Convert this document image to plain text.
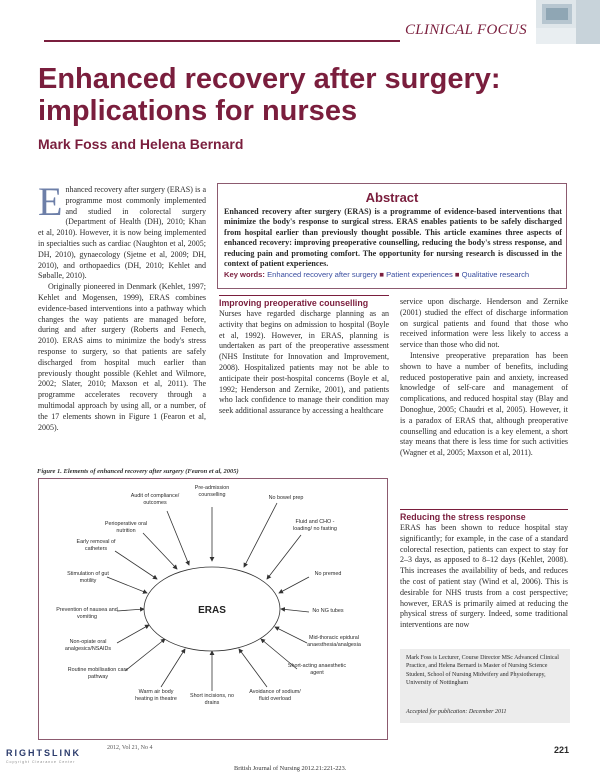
CLINICAL FOCUS
Enhanced recovery after surgery: implications for nurses
Mark Foss and Helena Bernard
E nhanced recovery after surgery (ERAS) is a programme most commonly implemented and studied in colorectal surgery (Department of Health (DH), 2010; Khan et al, 2010). However, it is now being implemented in specialties such as cardiac (Naughton et al, 2005; DH, 2010), gynaecology (Sjetne et al, 2009; DH, 2010), and orthopaedics (DH, 2010; Kehlet and Søballe, 2010).
Originally pioneered in Denmark (Kehlet, 1997; Kehlet and Mogensen, 1999), ERAS combines evidence-based interventions into a pathway which changes the way patients are managed before, during and after surgery (Roberts and Fenech, 2010). ERAS aims to minimize the body's stress response to surgery, so that patients are safely discharged from hospital much earlier than previously thought possible (Kehlet and Wilmore, 2002; Slater, 2010; Maxson et al, 2011). The programme accelerates recovery through a multimodal approach by using all, or a number, of the 17 elements shown in Figure 1 (Fearon et al, 2005).
Abstract
Enhanced recovery after surgery (ERAS) is a programme of evidence-based interventions that minimize the body's response to surgical stress. ERAS enables patients to be safely discharged from hospital earlier than previously thought possible. This article examines three aspects of enhanced recovery: improving preoperative counselling, reducing the body's stress response, and reducing pain and promoting comfort. The opportunity for nursing research is discussed in the context of patient experiences.
Key words: Enhanced recovery after surgery ■ Patient experiences ■ Qualitative research
Improving preoperative counselling
Nurses have regarded discharge planning as an activity that begins on admission to hospital (Boyle et al, 1992). However, in ERAS, planning is undertaken as part of the preoperative assessment (NHS Institute for Innovation and Improvement, 2008). Hospitalized patients may not be able to anticipate their post-hospital concerns (Boyle et al, 1992; Henderson and Zernike, 2001), and patients who lack confidence to manage their condition may seek additional assurance by accessing a healthcare
service upon discharge. Henderson and Zernike (2001) studied the effect of discharge information on surgical patients and found that those who received information were less likely to access a service than those who did not.
Intensive preoperative preparation has been shown to have a number of benefits, including reduced postoperative pain and anxiety, increased knowledge of self-care and management of complications, and reduced hospital stay (Blay and Donoghue, 2005; Chaudri et al, 2005). However, it is a paradox of ERAS that, although preoperative counselling and education is a key element, a short stay means that there is less time for such activities (Wagner et al, 2005; Maxson et al, 2011).
Reducing the stress response
ERAS has been shown to reduce hospital stay significantly; for example, in the case of a standard colorectal resection, patients can expect to stay for 2–3 days, as apposed to 8–12 days (Kehlet, 2008). This increases the availability of beds, and reduces the cost of patient stay (Wind et al, 2006). This is desirable for NHS trusts from a cost perspective; however, ERAS is primarily aimed at reducing the physical stress of surgery. Indeed, some traditional interventions are now
Mark Foss is Lecturer, Course Director MSc Advanced Clinical Practice, and Helena Bernard is Master of Nursing Science Student, School of Nursing Midwifery and Physiotherapy, University of Nottingham
Accepted for publication: December 2011
Figure 1. Elements of enhanced recovery after surgery (Fearon et al, 2005)
ERAS
Pre-admission counselling
No bowel prep
Fluid and CHO - loading/ no fasting
No premed
No NG tubes
Mid-thoracic epidural anaesthesia/analgesia
Short-acting anaesthetic agent
Avoidance of sodium/ fluid overload
Short incisions, no drains
Warm air body heating in theatre
Routine mobilisation care pathway
Non-opiate oral analgesics/NSAIDs
Prevention of nausea and vomiting
Stimulation of gut motility
Early removal of catheters
Perioperative oral nutrition
Audit of compliance/ outcomes
RIGHTSLINK
Copyright Clearance Center
2012, Vol 21, No 4	221
British Journal of Nursing 2012.21:221-223.
